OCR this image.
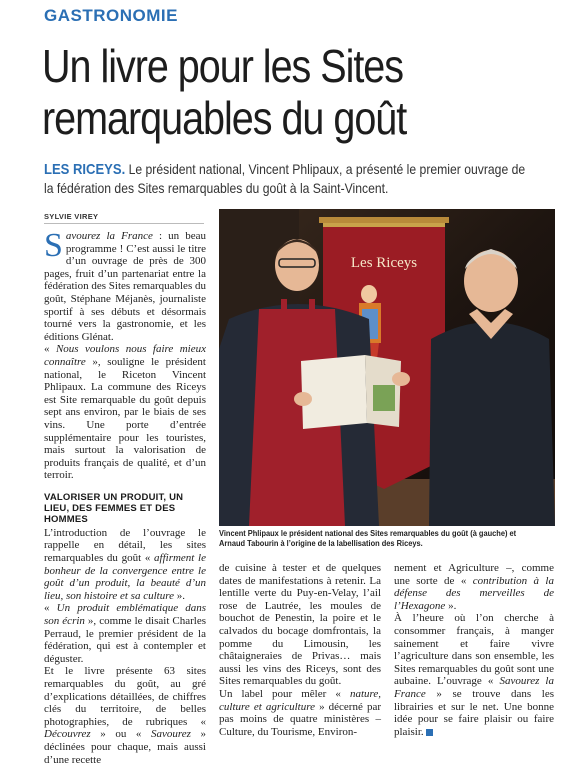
GASTRONOMIE
Un livre pour les Sites
remarquables du goût
LES RICEYS. Le président national, Vincent Phlipaux, a présenté le premier ouvrage de la fédération des Sites remarquables du goût à la Saint-Vincent.
SYLVIE VIREY

Savourez la France : un beau programme ! C’est aussi le titre d’un ouvrage de près de 300 pages, fruit d’un partenariat entre la fédération des Sites remarquables du goût, Stéphane Méjanès, journaliste sportif à ses débuts et désormais tourné vers la gastronomie, et les éditions Glénat.

« Nous voulons nous faire mieux connaître », souligne le président national, le Riceton Vincent Phlipaux. La commune des Riceys est Site remarquable du goût depuis sept ans environ, par le biais de ses vins. Une porte d’entrée supplémentaire pour les touristes, mais surtout la valorisation de produits français de qualité, et d’un terroir.

VALORISER UN PRODUIT, UN LIEU, DES FEMMES ET DES HOMMES

L’introduction de l’ouvrage le rappelle en détail, les sites remarquables du goût « affirment le bonheur de la convergence entre le goût d’un produit, la beauté d’un lieu, son histoire et sa culture ».

« Un produit emblématique dans son écrin », comme le disait Charles Perraud, le premier président de la fédération, qui est à contempler et déguster.

Et le livre présente 63 sites remarquables du goût, au gré d’explications détaillées, de chiffres clés du territoire, de belles photographies, de rubriques « Découvrez » ou « Savourez » déclinées pour chaque, mais aussi d’une recette

Les Riceys
Vincent Phlipaux le président national des Sites remarquables du goût (à gauche) et Arnaud Tabourin à l’origine de la labellisation des Riceys.

de cuisine à tester et de quelques dates de manifestations à retenir. La lentille verte du Puy-en-Velay, l’ail rose de Lautrée, les moules de bouchot de Penestin, la poire et le calvados du bocage domfrontais, la pomme du Limousin, les châtaigneraies de Privas… mais aussi les vins des Riceys, sont des Sites remarquables du goût.

Un label pour mêler « nature, culture et agriculture » décerné par pas moins de quatre ministères – Culture, du Tourisme, Environ-

nement et Agriculture –, comme une sorte de « contribution à la défense des merveilles de l’Hexagone ».

À l’heure où l’on cherche à consommer français, à manger sainement et faire vivre l’agriculture dans son ensemble, les Sites remarquables du goût sont une aubaine. L’ouvrage « Savourez la France » se trouve dans les librairies et sur le net. Une bonne idée pour se faire plaisir ou faire plaisir.
